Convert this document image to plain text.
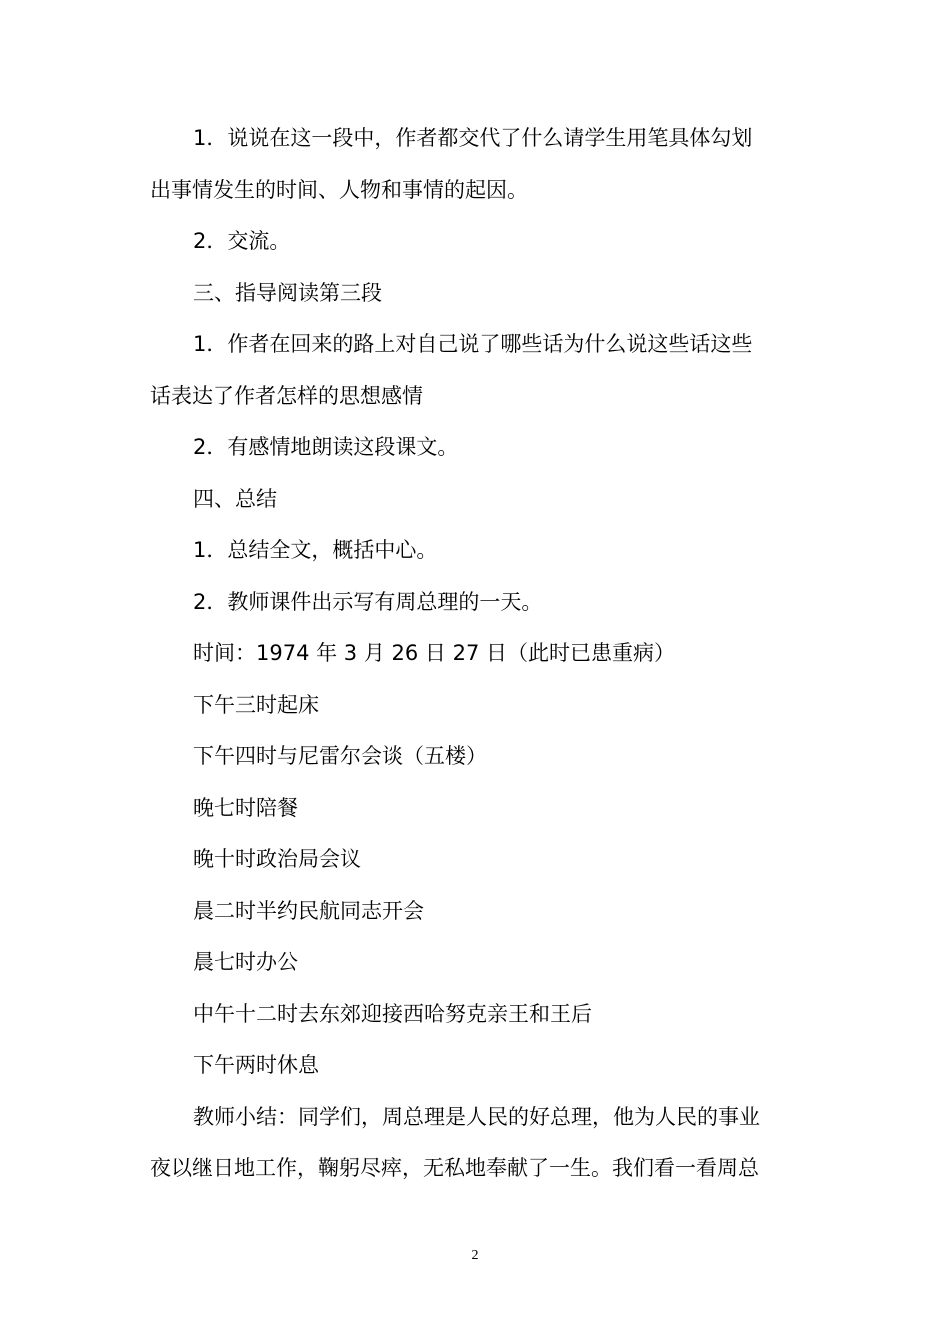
1．说说在这一段中，作者都交代了什么请学生用笔具体勾划
出事情发生的时间、人物和事情的起因。
2．交流。
三、指导阅读第三段
1．作者在回来的路上对自己说了哪些话为什么说这些话这些
话表达了作者怎样的思想感情
2．有感情地朗读这段课文。
四、总结
1．总结全文，概括中心。
2．教师课件出示写有周总理的一天。
时间：1974 年 3 月 26 日 27 日（此时已患重病）
下午三时起床
下午四时与尼雷尔会谈（五楼）
晚七时陪餐
晚十时政治局会议
晨二时半约民航同志开会
晨七时办公
中午十二时去东郊迎接西哈努克亲王和王后
下午两时休息
教师小结：同学们，周总理是人民的好总理，他为人民的事业
夜以继日地工作，鞠躬尽瘁，无私地奉献了一生。我们看一看周总
2
